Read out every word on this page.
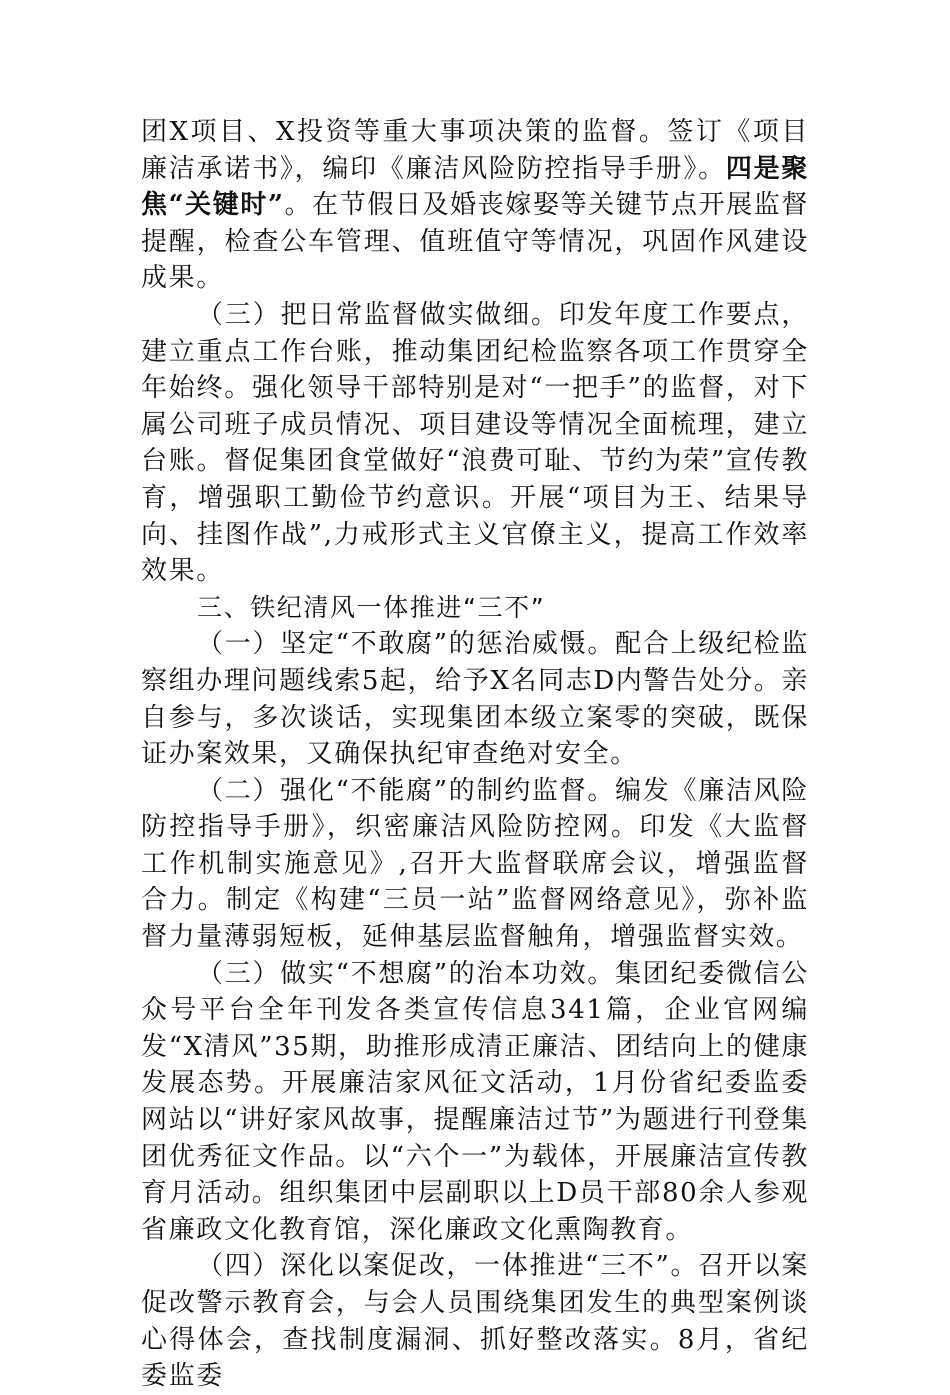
团X项目、X投资等重大事项决策的监督。签订《项目廉洁承诺书》，编印《廉洁风险防控指导手册》。四是聚焦“关键时”。在节假日及婚丧嫁娶等关键节点开展监督提醒，检查公车管理、值班值守等情况，巩固作风建设成果。

（三）把日常监督做实做细。印发年度工作要点，建立重点工作台账，推动集团纪检监察各项工作贯穿全年始终。强化领导干部特别是对“一把手”的监督，对下属公司班子成员情况、项目建设等情况全面梳理，建立台账。督促集团食堂做好“浪费可耻、节约为荣”宣传教育，增强职工勤俭节约意识。开展“项目为王、结果导向、挂图作战”,力戒形式主义官僚主义，提高工作效率效果。

三、铁纪清风一体推进“三不”

（一）坚定“不敢腐”的惩治威慑。配合上级纪检监察组办理问题线索5起，给予X名同志D内警告处分。亲自参与，多次谈话，实现集团本级立案零的突破，既保证办案效果，又确保执纪审查绝对安全。

（二）强化“不能腐”的制约监督。编发《廉洁风险防控指导手册》，织密廉洁风险防控网。印发《大监督工作机制实施意见》,召开大监督联席会议，增强监督合力。制定《构建“三员一站”监督网络意见》，弥补监督力量薄弱短板，延伸基层监督触角，增强监督实效。

（三）做实“不想腐”的治本功效。集团纪委微信公众号平台全年刊发各类宣传信息341篇，企业官网编发“X清风”35期，助推形成清正廉洁、团结向上的健康发展态势。开展廉洁家风征文活动，1月份省纪委监委网站以“讲好家风故事，提醒廉洁过节”为题进行刊登集团优秀征文作品。以“六个一”为载体，开展廉洁宣传教育月活动。组织集团中层副职以上D员干部80余人参观省廉政文化教育馆，深化廉政文化熏陶教育。

（四）深化以案促改，一体推进“三不”。召开以案促改警示教育会，与会人员围绕集团发生的典型案例谈心得体会，查找制度漏洞、抓好整改落实。8月，省纪委监委
